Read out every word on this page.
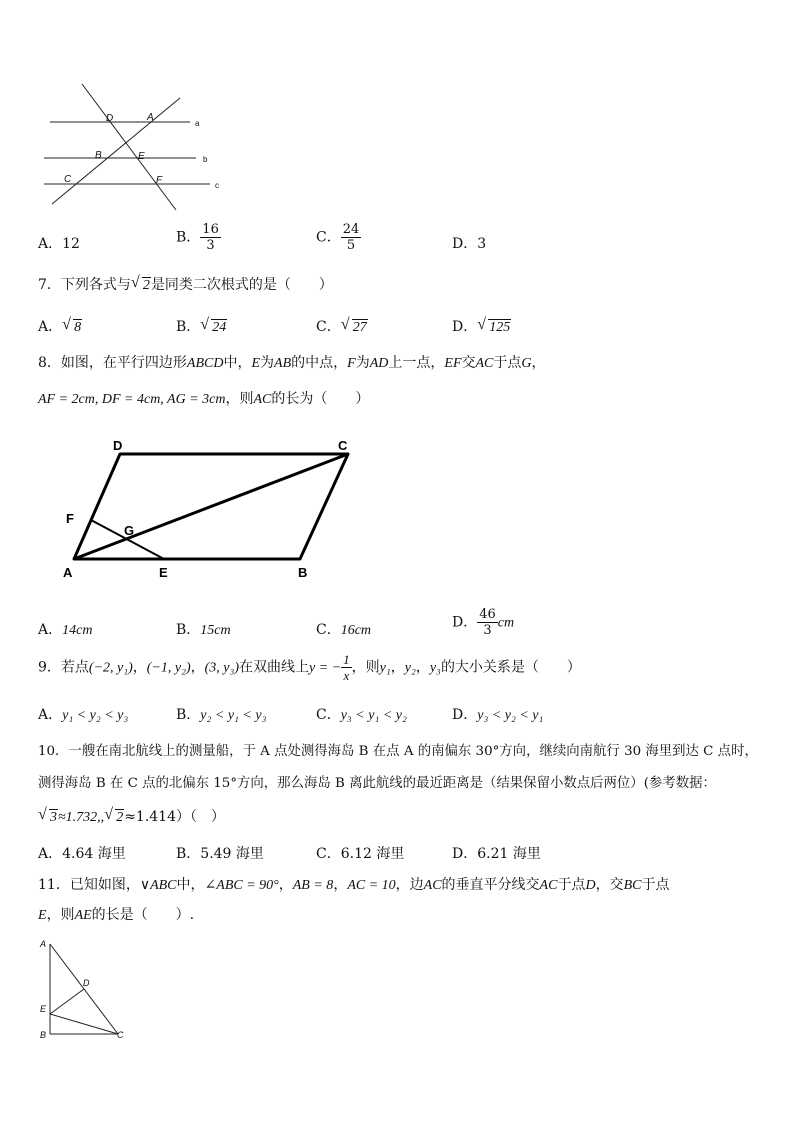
D	A
B	E
C	F
a
b
c
A．12	B． $\frac{16}{3}$	C． $\frac{24}{5}$	D．3
7．下列各式与 √ 2是同类二次根式的是（　　）
A． √ 8	B． √ 24	C． √ 27	D． √ 125
8．如图，在平行四边形ABCD中，E为AB的中点，F为AD上一点，EF交AC于点G，
AF = 2cm, DF = 4cm, AG = 3cm，则AC的长为（　　）
D	C
F
G
A	E	B
A．14cm	B．15cm	C．16cm	D． $\frac{46}{3}$ cm
9．若点(−2, y₁)，(−1, y₂)，(3, y₃)在双曲线上y = − $\frac{1}{x}$ ，则y₁，y₂，y₃的大小关系是（　　）
A．y₁ < y₂ < y₃	B．y₂ < y₁ < y₃	C．y₃ < y₁ < y₂	D．y₃ < y₂ < y₁
10．一艘在南北航线上的测量船，于 A 点处测得海岛 B 在点 A 的南偏东 30°方向，继续向南航行 30 海里到达 C 点时，
测得海岛 B 在 C 点的北偏东 15°方向，那么海岛 B 离此航线的最近距离是（结果保留小数点后两位）(参考数据：
√ 3≈1.732,, √ 2≈1.414）（　）
A．4.64 海里	B．5.49 海里	C．6.12 海里	D．6.21 海里
11．已知如图，∨ABC中，∠ABC = 90°，AB = 8，AC = 10，边AC的垂直平分线交AC于点D，交BC于点
E，则AE的长是（　　）.
A
D
E
B	C
